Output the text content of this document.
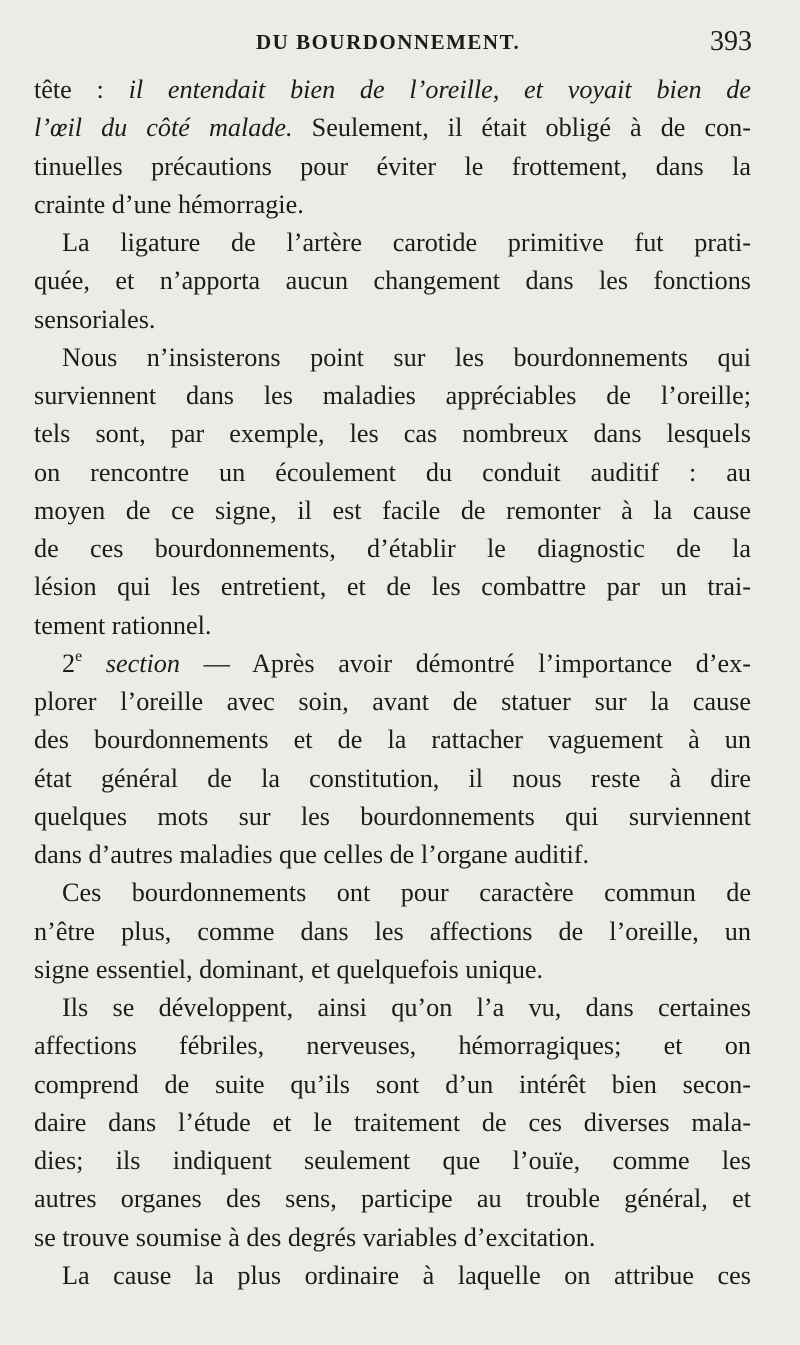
DU BOURDONNEMENT.	393
tête : il entendait bien de l’oreille, et voyait bien de
l’œil du côté malade. Seulement, il était obligé à de con-
tinuelles précautions pour éviter le frottement, dans la
crainte d’une hémorragie.
La ligature de l’artère carotide primitive fut prati-
quée, et n’apporta aucun changement dans les fonctions
sensoriales.
Nous n’insisterons point sur les bourdonnements qui
surviennent dans les maladies appréciables de l’oreille;
tels sont, par exemple, les cas nombreux dans lesquels
on rencontre un écoulement du conduit auditif : au
moyen de ce signe, il est facile de remonter à la cause
de ces bourdonnements, d’établir le diagnostic de la
lésion qui les entretient, et de les combattre par un trai-
tement rationnel.
2e section — Après avoir démontré l’importance d’ex-
plorer l’oreille avec soin, avant de statuer sur la cause
des bourdonnements et de la rattacher vaguement à un
état général de la constitution, il nous reste à dire
quelques mots sur les bourdonnements qui surviennent
dans d’autres maladies que celles de l’organe auditif.
Ces bourdonnements ont pour caractère commun de
n’être plus, comme dans les affections de l’oreille, un
signe essentiel, dominant, et quelquefois unique.
Ils se développent, ainsi qu’on l’a vu, dans certaines
affections fébriles, nerveuses, hémorragiques; et on
comprend de suite qu’ils sont d’un intérêt bien secon-
daire dans l’étude et le traitement de ces diverses mala-
dies; ils indiquent seulement que l’ouïe, comme les
autres organes des sens, participe au trouble général, et
se trouve soumise à des degrés variables d’excitation.
La cause la plus ordinaire à laquelle on attribue ces
